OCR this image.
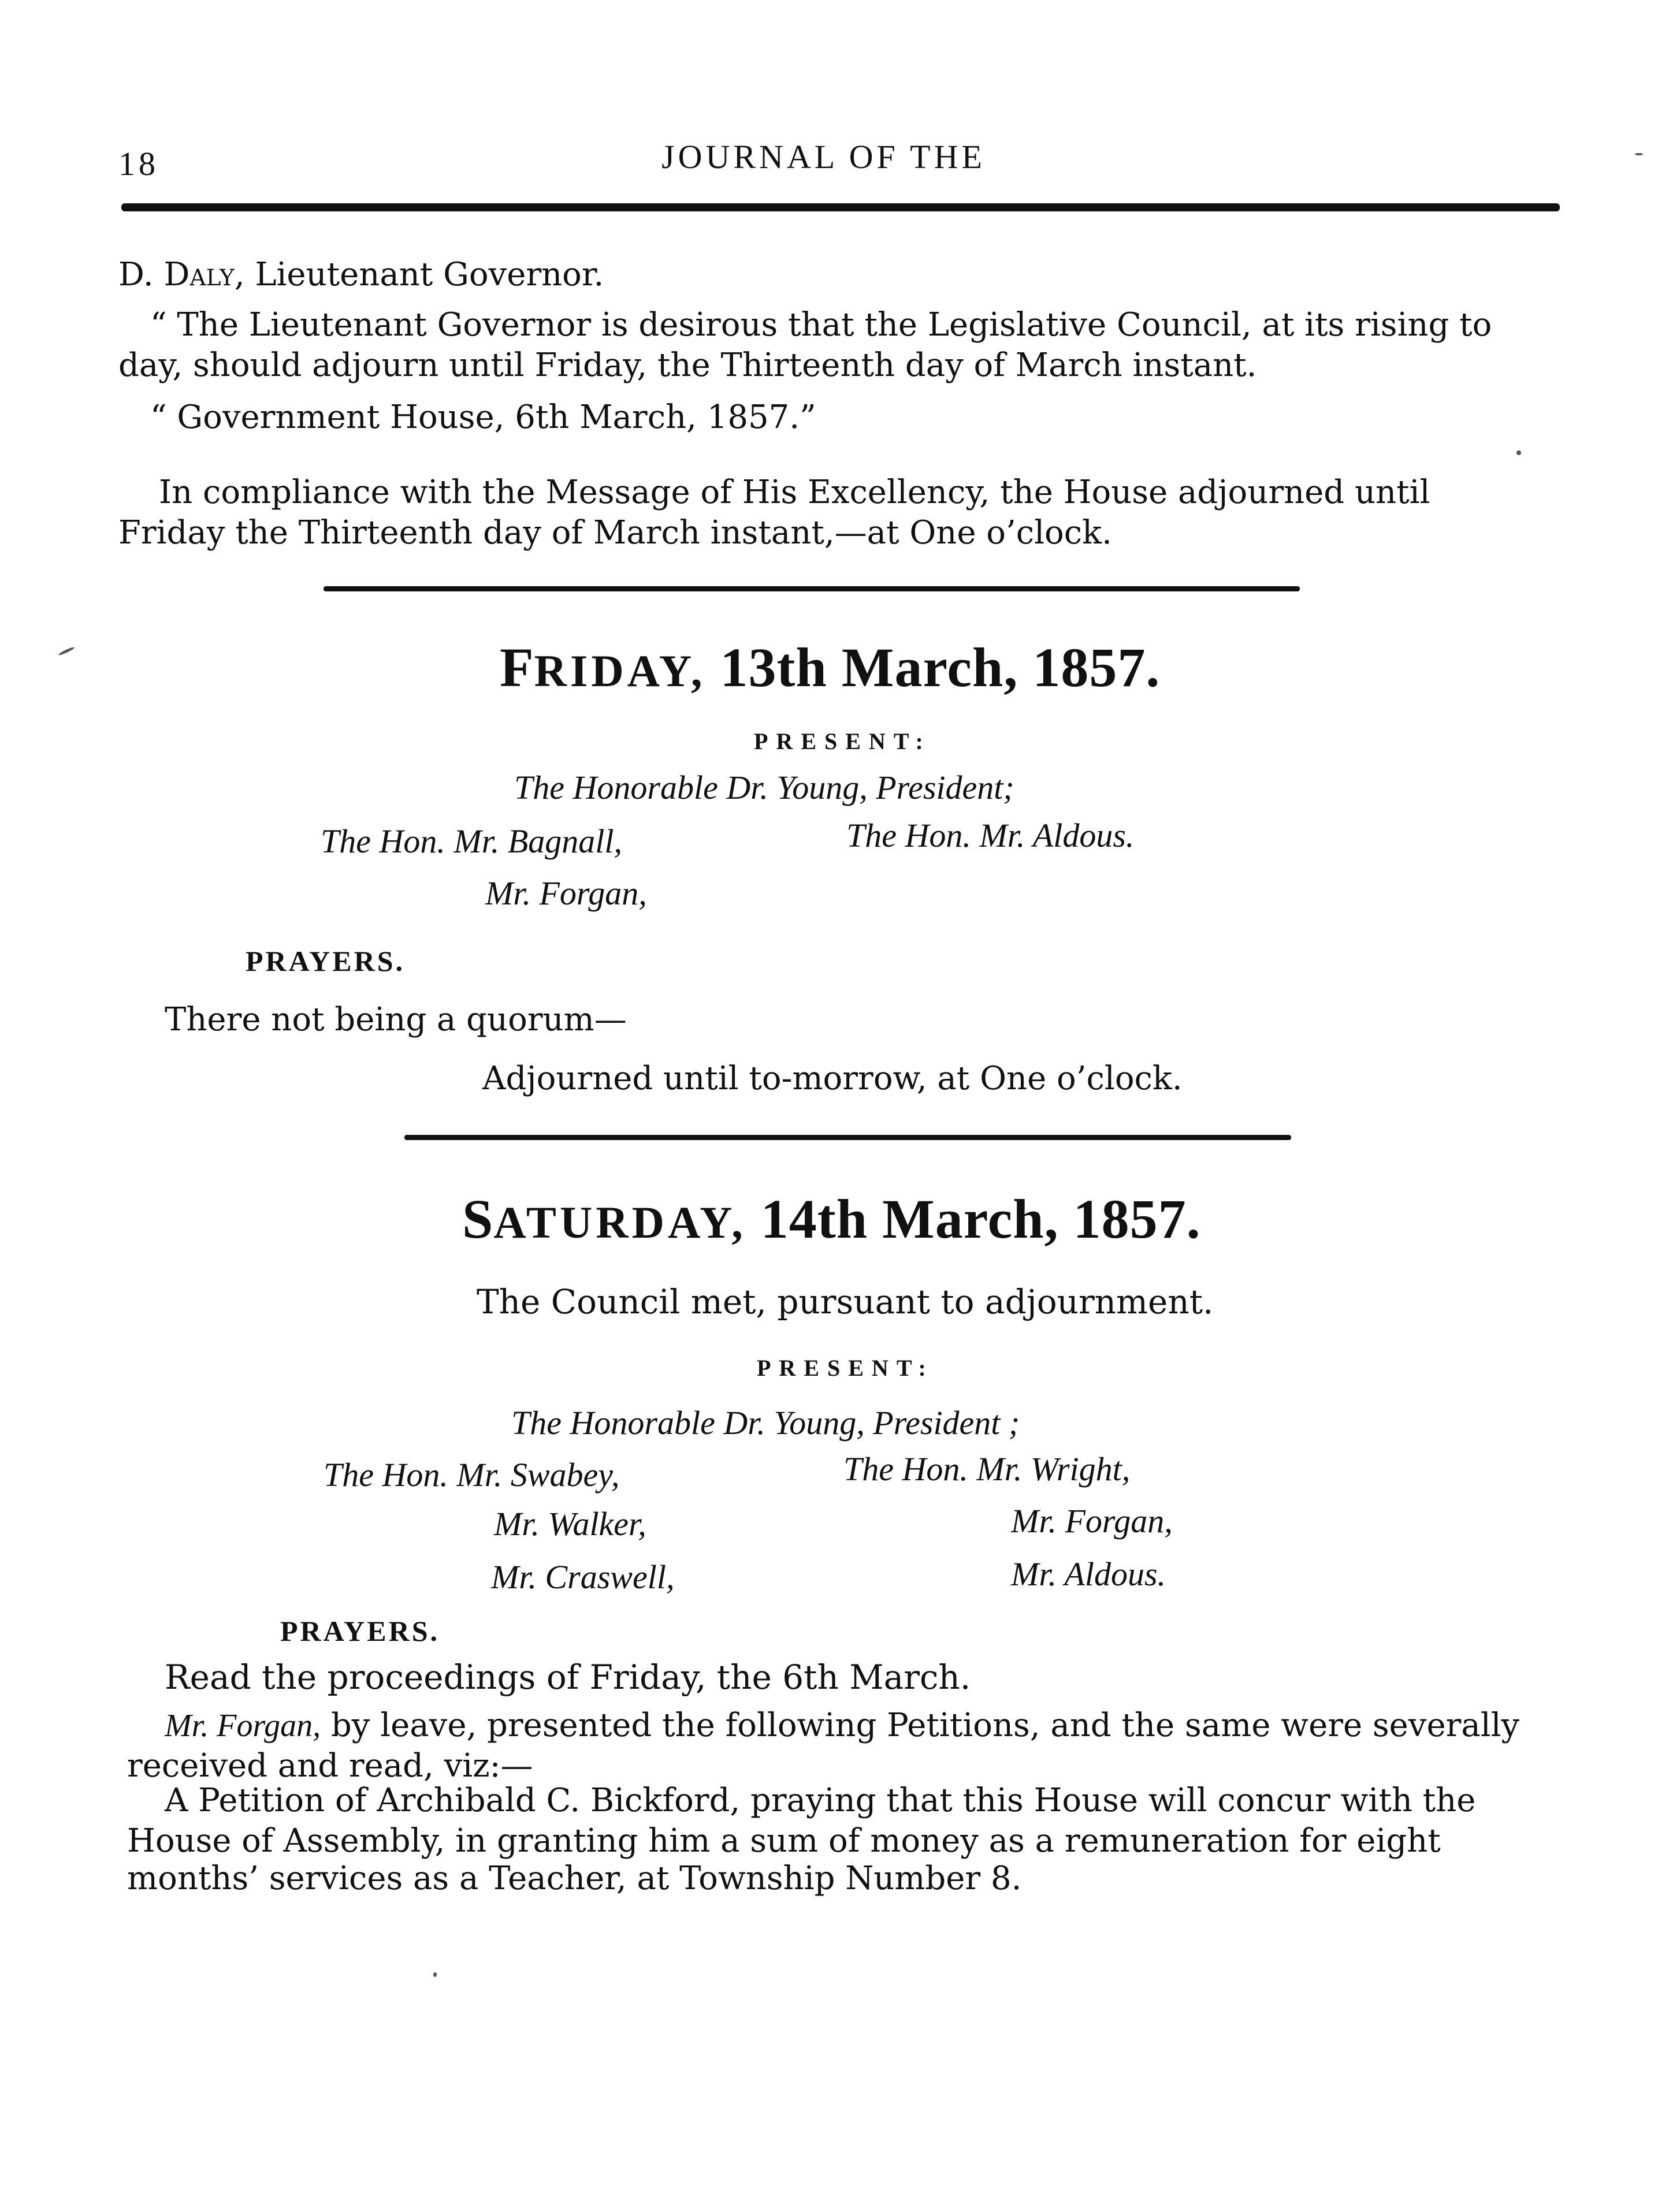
18	JOURNAL OF THE
D. Daly, Lieutenant Governor.
“ The Lieutenant Governor is desirous that the Legislative Council, at its rising to
day, should adjourn until Friday, the Thirteenth day of March instant.
“ Government House, 6th March, 1857.”
In compliance with the Message of His Excellency, the House adjourned until
Friday the Thirteenth day of March instant,—at One o’clock.
FRIDAY, 13th March, 1857.
PRESENT:
The Honorable Dr. Young, President;
The Hon. Mr. Bagnall,	The Hon. Mr. Aldous.
Mr. Forgan,
PRAYERS.
There not being a quorum—
Adjourned until to-morrow, at One o’clock.
SATURDAY, 14th March, 1857.
The Council met, pursuant to adjournment.
PRESENT:
The Honorable Dr. Young, President ;
The Hon. Mr. Swabey,	The Hon. Mr. Wright,
Mr. Walker,	Mr. Forgan,
Mr. Craswell,	Mr. Aldous.
PRAYERS.
Read the proceedings of Friday, the 6th March.
Mr. Forgan, by leave, presented the following Petitions, and the same were severally
received and read, viz:—
A Petition of Archibald C. Bickford, praying that this House will concur with the
House of Assembly, in granting him a sum of money as a remuneration for eight
months’ services as a Teacher, at Township Number 8.
